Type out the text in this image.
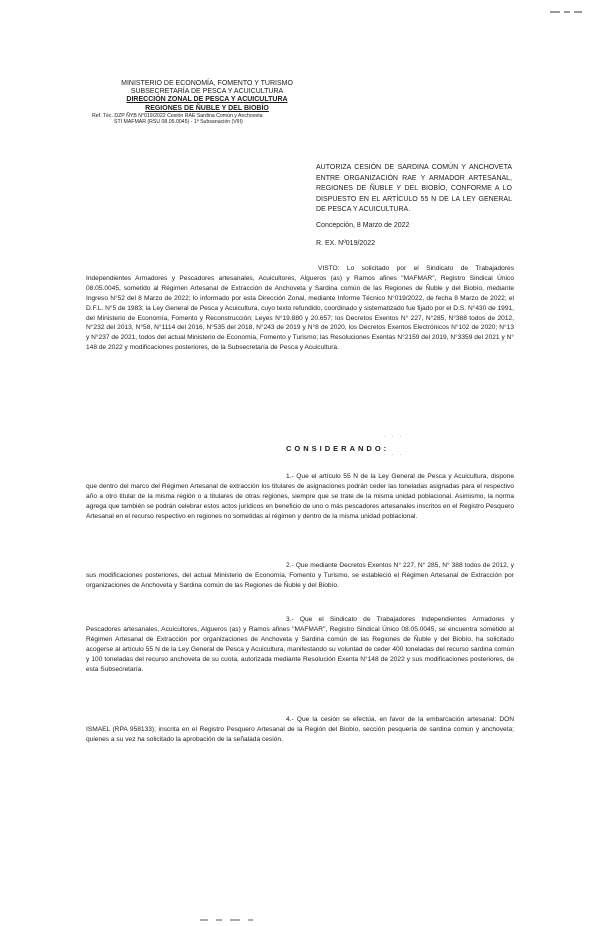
MINISTERIO DE ECONOMÍA, FOMENTO Y TURISMO
SUBSECRETARÍA DE PESCA Y ACUICULTURA
DIRECCIÓN ZONAL DE PESCA Y ACUICULTURA
REGIONES DE ÑUBLE Y DEL BIOBÍO
Ref. Téc. DZP ÑYB N°019/2022 Cesión RAE Sardina Común y Anchoveta
STI MAFMAR (RSU 08.05.0045) - 1ª Subsanación (VIII)
AUTORIZA CESIÓN DE SARDINA COMÚN Y ANCHOVETA ENTRE ORGANIZACIÓN RAE Y ARMADOR ARTESANAL, REGIONES DE ÑUBLE Y DEL BIOBÍO, CONFORME A LO DISPUESTO EN EL ARTÍCULO 55 N DE LA LEY GENERAL DE PESCA Y ACUICULTURA.
Concepción, 8 Marzo de 2022
R. EX. Nº019/2022

VISTO: Lo solicitado por el Sindicato de Trabajadores Independientes Armadores y Pescadores artesanales, Acuicultores, Algueros (as) y Ramos afines "MAFMAR", Registro Sindical Único 08.05.0045, sometido al Régimen Artesanal de Extracción de Anchoveta y Sardina común de las Regiones de Ñuble y del Biobío, mediante Ingreso N°52 del 8 Marzo de 2022; lo informado por esta Dirección Zonal, mediante Informe Técnico N°019/2022, de fecha 8 Marzo de 2022; el D.F.L. N°5 de 1983; la Ley General de Pesca y Acuicultura, cuyo texto refundido, coordinado y sistematizado fue fijado por el D.S. N°430 de 1991, del Ministerio de Economía, Fomento y Reconstrucción; Leyes N°19.880 y 20.657; los Decretos Exentos N° 227, N°285, N°388 todos de 2012, N°232 del 2013, N°58, N°1114 del 2016, N°535 del 2018, N°243 de 2019 y N°8 de 2020, los Decretos Exentos Electrónicos N°102 de 2020; N°13 y N°237 de 2021, todos del actual Ministerio de Economía, Fomento y Turismo; las Resoluciones Exentas N°2159 del 2019, N°3359 del 2021 y N° 148 de 2022 y modificaciones posteriores, de la Subsecretaría de Pesca y Acuicultura.

CONSIDERANDO:
· · ·
· · ·

1.- Que el artículo 55 N de la Ley General de Pesca y Acuicultura, dispone que dentro del marco del Régimen Artesanal de extracción los titulares de asignaciones podrán ceder las toneladas asignadas para el respectivo año a otro titular de la misma región o a titulares de otras regiones, siempre que se trate de la misma unidad poblacional. Asimismo, la norma agrega que también se podrán celebrar estos actos jurídicos en beneficio de uno o más pescadores artesanales inscritos en el Registro Pesquero Artesanal en el recurso respectivo en regiones no sometidas al régimen y dentro de la misma unidad poblacional.

2.- Que mediante Decretos Exentos N° 227, N° 285, N° 388 todos de 2012, y sus modificaciones posteriores, del actual Ministerio de Economía, Fomento y Turismo, se estableció el Régimen Artesanal de Extracción por organizaciones de Anchoveta y Sardina común de las Regiones de Ñuble y del Biobío.

3.- Que el Sindicato de Trabajadores Independientes Armadores y Pescadores artesanales, Acuicultores, Algueros (as) y Ramos afines "MAFMAR", Registro Sindical Único 08.05.0045, se encuentra sometido al Régimen Artesanal de Extracción por organizaciones de Anchoveta y Sardina común de las Regiones de Ñuble y del Biobío, ha solicitado acogerse al artículo 55 N de la Ley General de Pesca y Acuicultura, manifestando su voluntad de ceder 400 toneladas del recurso sardina común y 100 toneladas del recurso anchoveta de su cuota, autorizada mediante Resolución Exenta N°148 de 2022 y sus modificaciones posteriores, de esta Subsecretaría.

4.- Que la cesión se efectúa, en favor de la embarcación artesanal: DON ISMAEL (RPA 958133); inscrita en el Registro Pesquero Artesanal de la Región del Biobío, sección pesquería de sardina común y anchoveta; quienes a su vez ha solicitado la aprobación de la señalada cesión.
